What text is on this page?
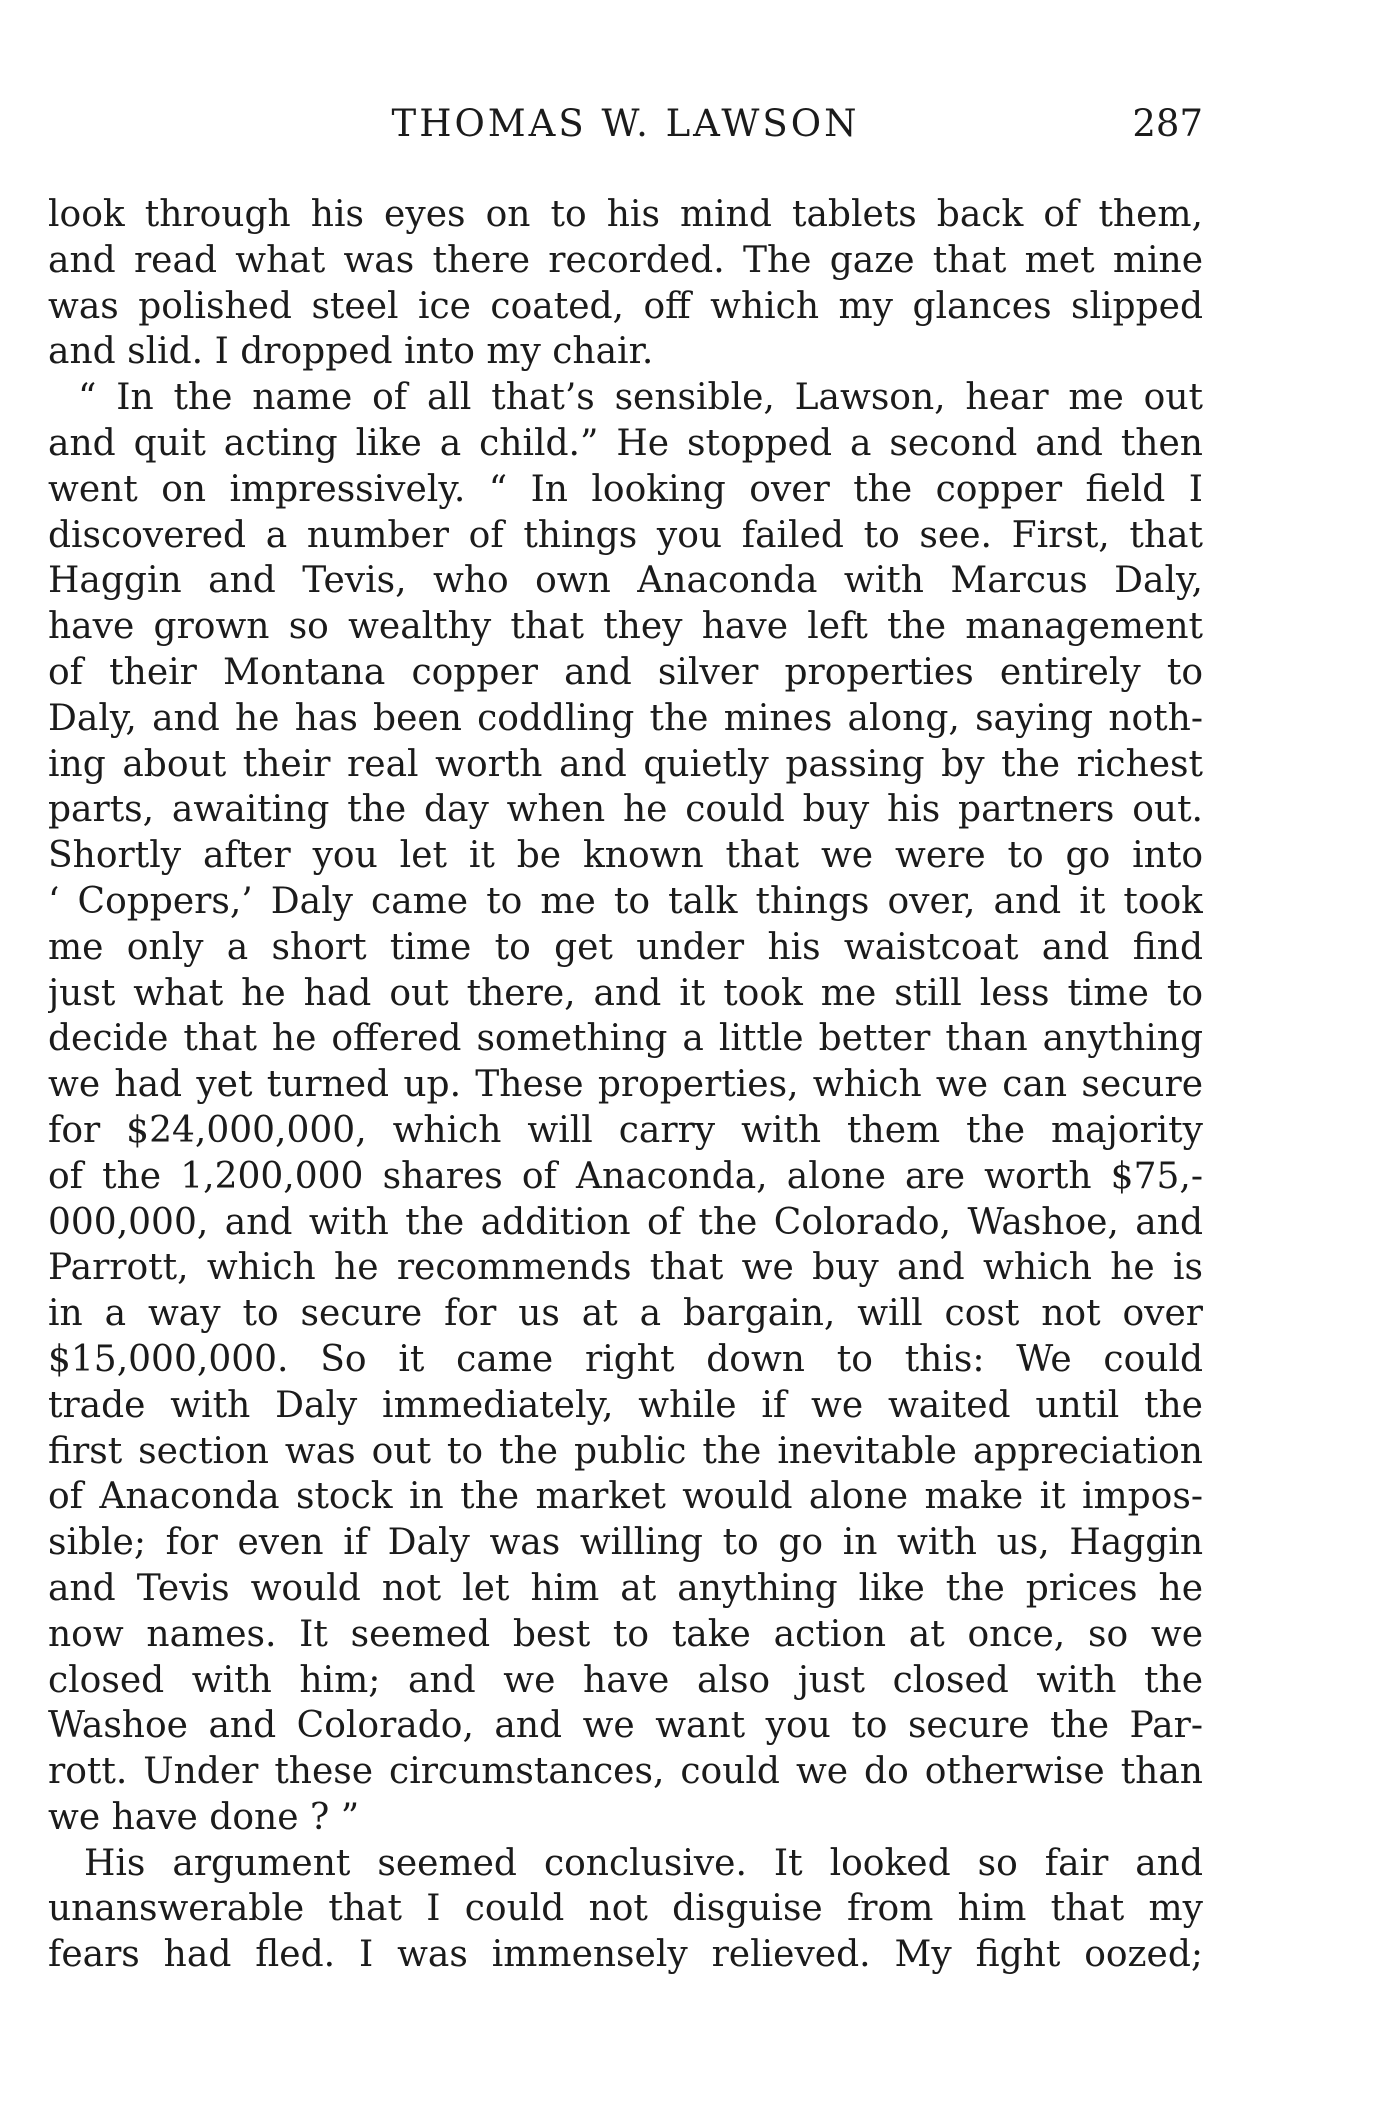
THOMAS W. LAWSON	287
look through his eyes on to his mind tablets back of them,
and read what was there recorded. The gaze that met mine
was polished steel ice coated, off which my glances slipped
and slid. I dropped into my chair.
“ In the name of all that’s sensible, Lawson, hear me out
and quit acting like a child.” He stopped a second and then
went on impressively. “ In looking over the copper field I
discovered a number of things you failed to see. First, that
Haggin and Tevis, who own Anaconda with Marcus Daly,
have grown so wealthy that they have left the management
of their Montana copper and silver properties entirely to
Daly, and he has been coddling the mines along, saying noth-
ing about their real worth and quietly passing by the richest
parts, awaiting the day when he could buy his partners out.
Shortly after you let it be known that we were to go into
‘ Coppers,’ Daly came to me to talk things over, and it took
me only a short time to get under his waistcoat and find
just what he had out there, and it took me still less time to
decide that he offered something a little better than anything
we had yet turned up. These properties, which we can secure
for $24,000,000, which will carry with them the majority
of the 1,200,000 shares of Anaconda, alone are worth $75,-
000,000, and with the addition of the Colorado, Washoe, and
Parrott, which he recommends that we buy and which he is
in a way to secure for us at a bargain, will cost not over
$15,000,000. So it came right down to this: We could
trade with Daly immediately, while if we waited until the
first section was out to the public the inevitable appreciation
of Anaconda stock in the market would alone make it impos-
sible; for even if Daly was willing to go in with us, Haggin
and Tevis would not let him at anything like the prices he
now names. It seemed best to take action at once, so we
closed with him; and we have also just closed with the
Washoe and Colorado, and we want you to secure the Par-
rott. Under these circumstances, could we do otherwise than
we have done ? ”
His argument seemed conclusive. It looked so fair and
unanswerable that I could not disguise from him that my
fears had fled. I was immensely relieved. My fight oozed;
